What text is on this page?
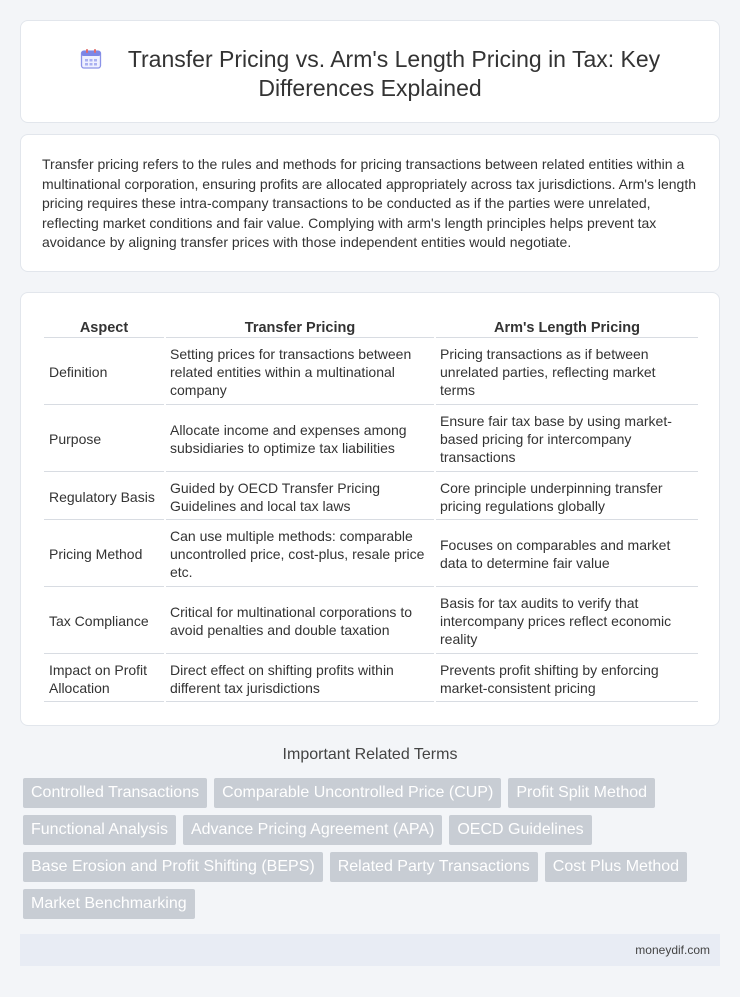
Transfer Pricing vs. Arm's Length Pricing in Tax: Key Differences Explained

Transfer pricing refers to the rules and methods for pricing transactions between related entities within a multinational corporation, ensuring profits are allocated appropriately across tax jurisdictions. Arm's length pricing requires these intra-company transactions to be conducted as if the parties were unrelated, reflecting market conditions and fair value. Complying with arm's length principles helps prevent tax avoidance by aligning transfer prices with those independent entities would negotiate.

Aspect	Transfer Pricing	Arm's Length Pricing
Definition	Setting prices for transactions between related entities within a multinational company	Pricing transactions as if between unrelated parties, reflecting market terms
Purpose	Allocate income and expenses among subsidiaries to optimize tax liabilities	Ensure fair tax base by using market-based pricing for intercompany transactions
Regulatory Basis	Guided by OECD Transfer Pricing Guidelines and local tax laws	Core principle underpinning transfer pricing regulations globally
Pricing Method	Can use multiple methods: comparable uncontrolled price, cost-plus, resale price etc.	Focuses on comparables and market data to determine fair value
Tax Compliance	Critical for multinational corporations to avoid penalties and double taxation	Basis for tax audits to verify that intercompany prices reflect economic reality
Impact on Profit Allocation	Direct effect on shifting profits within different tax jurisdictions	Prevents profit shifting by enforcing market-consistent pricing
Important Related Terms
Controlled Transactions	Comparable Uncontrolled Price (CUP)	Profit Split Method
Functional Analysis	Advance Pricing Agreement (APA)	OECD Guidelines
Base Erosion and Profit Shifting (BEPS)	Related Party Transactions	Cost Plus Method
Market Benchmarking
moneydif.com
